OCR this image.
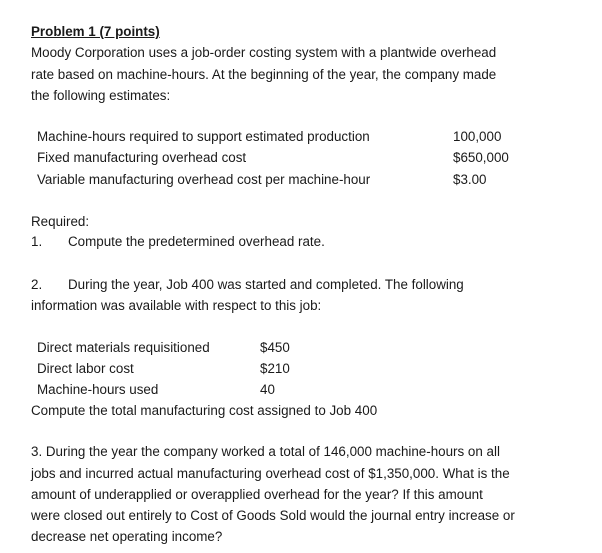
Problem 1 (7 points)
Moody Corporation uses a job-order costing system with a plantwide overhead
rate based on machine-hours. At the beginning of the year, the company made
the following estimates:
Machine-hours required to support estimated production	100,000
Fixed manufacturing overhead cost	$650,000
Variable manufacturing overhead cost per machine-hour	$3.00
Required:
1. Compute the predetermined overhead rate.
2. During the year, Job 400 was started and completed. The following
information was available with respect to this job:
Direct materials requisitioned	$450
Direct labor cost	$210
Machine-hours used	40
Compute the total manufacturing cost assigned to Job 400
3. During the year the company worked a total of 146,000 machine-hours on all
jobs and incurred actual manufacturing overhead cost of $1,350,000. What is the
amount of underapplied or overapplied overhead for the year? If this amount
were closed out entirely to Cost of Goods Sold would the journal entry increase or
decrease net operating income?
